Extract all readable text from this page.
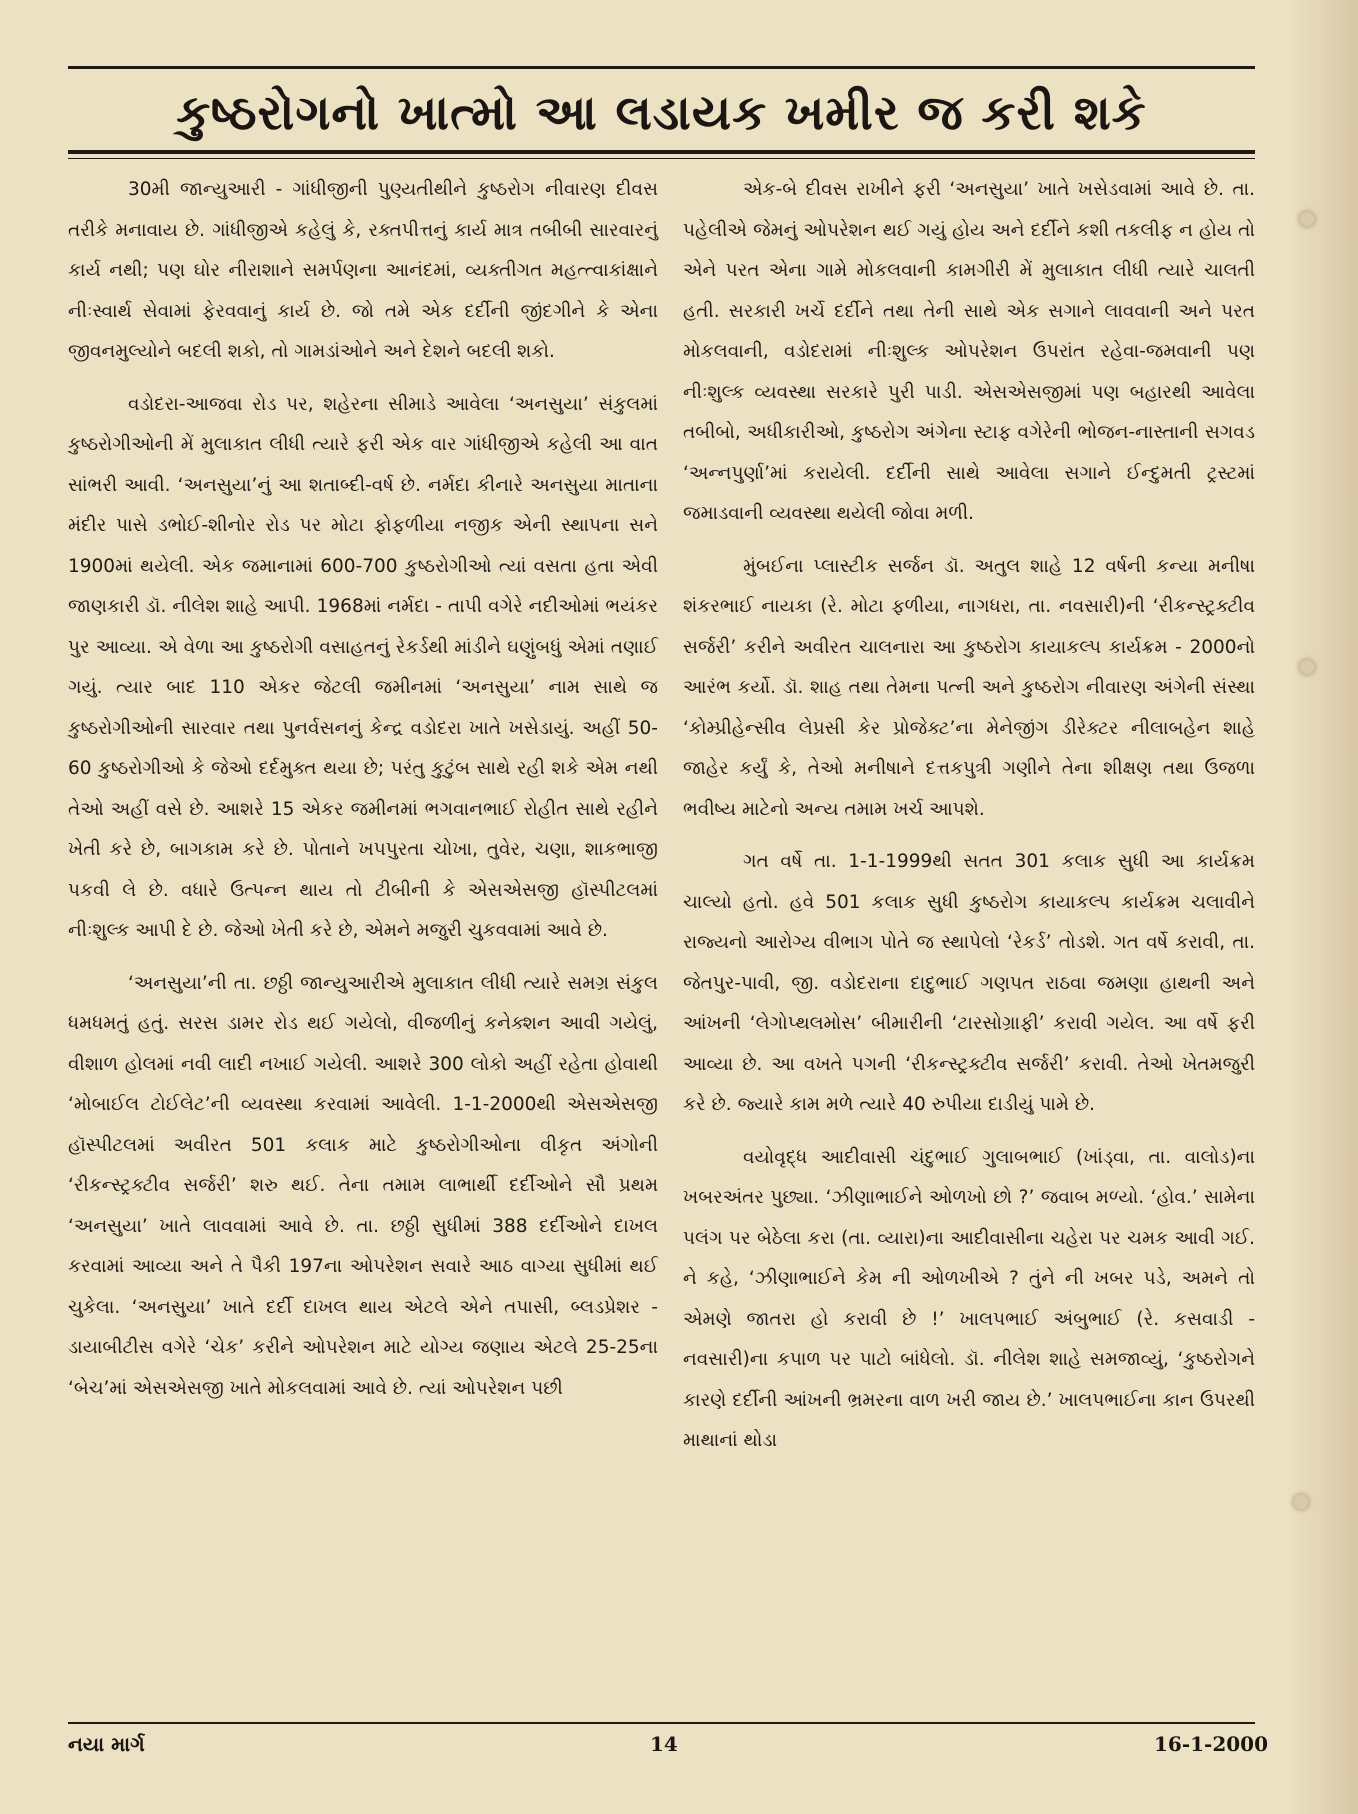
કુષ્ઠરોગનો ખાત્મો આ લડાયક ખમીર જ કરી શકે

30મી જાન્યુઆરી - ગાંધીજીની પુણ્યતીથીને કુષ્ઠરોગ નીવારણ દીવસ તરીકે મનાવાય છે. ગાંધીજીએ કહેલું કે, રક્તપીત્તનું કાર્ય માત્ર તબીબી સારવારનું કાર્ય નથી; પણ ઘોર નીરાશાને સમર્પણના આનંદમાં, વ્યક્તીગત મહત્ત્વાકાંક્ષાને નીઃસ્વાર્થ સેવામાં ફેરવવાનું કાર્ય છે. જો તમે એક દર્દીની જીંદગીને કે એના જીવનમુલ્યોને બદલી શકો, તો ગામડાંઓને અને દેશને બદલી શકો.

વડોદરા-આજવા રોડ પર, શહેરના સીમાડે આવેલા ‘અનસુયા’ સંકુલમાં કુષ્ઠરોગીઓની મેં મુલાકાત લીધી ત્યારે ફરી એક વાર ગાંધીજીએ કહેલી આ વાત સાંભરી આવી. ‘અનસુયા’નું આ શતાબ્દી-વર્ષ છે. નર્મદા કીનારે અનસુયા માતાના મંદીર પાસે ડભોઈ-શીનોર રોડ પર મોટા ફોફળીયા નજીક એની સ્થાપના સને 1900માં થયેલી. એક જમાનામાં 600-700 કુષ્ઠરોગીઓ ત્યાં વસતા હતા એવી જાણકારી ડૉ. નીલેશ શાહે આપી. 1968માં નર્મદા - તાપી વગેરે નદીઓમાં ભયંકર પુર આવ્યા. એ વેળા આ કુષ્ઠરોગી વસાહતનું રેકર્ડથી માંડીને ઘણુંબધું એમાં તણાઈ ગયું. ત્યાર બાદ 110 એકર જેટલી જમીનમાં ‘અનસુયા’ નામ સાથે જ કુષ્ઠરોગીઓની સારવાર તથા પુનર્વસનનું કેન્દ્ર વડોદરા ખાતે ખસેડાયું. અહીં 50-60 કુષ્ઠરોગીઓ કે જેઓ દર્દમુક્ત થયા છે; પરંતુ કુટુંબ સાથે રહી શકે એમ નથી તેઓ અહીં વસે છે. આશરે 15 એકર જમીનમાં ભગવાનભાઈ રોહીત સાથે રહીને ખેતી કરે છે, બાગકામ કરે છે. પોતાને ખપપુરતા ચોખા, તુવેર, ચણા, શાકભાજી પકવી લે છે. વધારે ઉત્પન્ન થાય તો ટીબીની કે એસએસજી હૉસ્પીટલમાં નીઃશુલ્ક આપી દે છે. જેઓ ખેતી કરે છે, એમને મજુરી ચુકવવામાં આવે છે.

‘અનસુયા’ની તા. છઠ્ઠી જાન્યુઆરીએ મુલાકાત લીધી ત્યારે સમગ્ર સંકુલ ધમધમતું હતું. સરસ ડામર રોડ થઈ ગયેલો, વીજળીનું કનેક્શન આવી ગયેલું, વીશાળ હોલમાં નવી લાદી નખાઈ ગયેલી. આશરે 300 લોકો અહીં રહેતા હોવાથી ‘મોબાઈલ ટોઈલેટ’ની વ્યવસ્થા કરવામાં આવેલી. 1-1-2000થી એસએસજી હૉસ્પીટલમાં અવીરત 501 કલાક માટે કુષ્ઠરોગીઓના વીકૃત અંગોની ‘રીકન્સ્ટ્રક્ટીવ સર્જરી’ શરુ થઈ. તેના તમામ લાભાર્થી દર્દીઓને સૌ પ્રથમ ‘અનસુયા’ ખાતે લાવવામાં આવે છે. તા. છઠ્ઠી સુધીમાં 388 દર્દીઓને દાખલ કરવામાં આવ્યા અને તે પૈકી 197ના ઓપરેશન સવારે આઠ વાગ્યા સુધીમાં થઈ ચુકેલા. ‘અનસુયા’ ખાતે દર્દી દાખલ થાય એટલે એને તપાસી, બ્લડપ્રેશર - ડાયાબીટીસ વગેરે ‘ચેક’ કરીને ઓપરેશન માટે યોગ્ય જણાય એટલે 25-25ના ‘બેચ’માં એસએસજી ખાતે મોકલવામાં આવે છે. ત્યાં ઓપરેશન પછી

એક-બે દીવસ રાખીને ફરી ‘અનસુયા’ ખાતે ખસેડવામાં આવે છે. તા. પહેલીએ જેમનું ઓપરેશન થઈ ગયું હોય અને દર્દીને કશી તકલીફ ન હોય તો એને પરત એના ગામે મોકલવાની કામગીરી મેં મુલાકાત લીધી ત્યારે ચાલતી હતી. સરકારી ખર્ચે દર્દીને તથા તેની સાથે એક સગાને લાવવાની અને પરત મોકલવાની, વડોદરામાં નીઃશુલ્ક ઓપરેશન ઉપરાંત રહેવા-જમવાની પણ નીઃશુલ્ક વ્યવસ્થા સરકારે પુરી પાડી. એસએસજીમાં પણ બહારથી આવેલા તબીબો, અધીકારીઓ, કુષ્ઠરોગ અંગેના સ્ટાફ વગેરેની ભોજન-નાસ્તાની સગવડ ‘અન્નપુર્ણા’માં કરાયેલી. દર્દીની સાથે આવેલા સગાને ઈન્દુમતી ટ્રસ્ટમાં જમાડવાની વ્યવસ્થા થયેલી જોવા મળી.

મુંબઈના પ્લાસ્ટીક સર્જન ડૉ. અતુલ શાહે 12 વર્ષની કન્યા મનીષા શંકરભાઈ નાયકા (રે. મોટા ફળીયા, નાગધરા, તા. નવસારી)ની ‘રીકન્સ્ટ્રક્ટીવ સર્જરી’ કરીને અવીરત ચાલનારા આ કુષ્ઠરોગ કાયાકલ્પ કાર્યક્રમ - 2000નો આરંભ કર્યો. ડૉ. શાહ તથા તેમના પત્ની અને કુષ્ઠરોગ નીવારણ અંગેની સંસ્થા ‘કોમ્પ્રીહેન્સીવ લેપ્રસી કેર પ્રોજેક્ટ’ના મેનેજીંગ ડીરેક્ટર નીલાબહેન શાહે જાહેર કર્યું કે, તેઓ મનીષાને દત્તકપુત્રી ગણીને તેના શીક્ષણ તથા ઉજળા ભવીષ્ય માટેનો અન્ય તમામ ખર્ચ આપશે.

ગત વર્ષે તા. 1-1-1999થી સતત 301 કલાક સુધી આ કાર્યક્રમ ચાલ્યો હતો. હવે 501 કલાક સુધી કુષ્ઠરોગ કાયાકલ્પ કાર્યક્રમ ચલાવીને રાજ્યનો આરોગ્ય વીભાગ પોતે જ સ્થાપેલો ‘રેકર્ડ’ તોડશે. ગત વર્ષે કરાવી, તા. જેતપુર-પાવી, જી. વડોદરાના દાદુભાઈ ગણપત રાઠવા જમણા હાથની અને આંખની ‘લેગોપ્થલમોસ’ બીમારીની ‘ટારસોગ્રાફી’ કરાવી ગયેલ. આ વર્ષે ફરી આવ્યા છે. આ વખતે પગની ‘રીકન્સ્ટ્રક્ટીવ સર્જરી’ કરાવી. તેઓ ખેતમજુરી કરે છે. જ્યારે કામ મળે ત્યારે 40 રુપીયા દાડીયું પામે છે.

વયોવૃદ્ધ આદીવાસી ચંદુભાઈ ગુલાબભાઈ (ખાંડ્વા, તા. વાલોડ)ના ખબરઅંતર પુછ્યા. ‘ઝીણાભાઈને ઓળખો છો ?’ જવાબ મળ્યો. ‘હોવ.’ સામેના પલંગ પર બેઠેલા કરા (તા. વ્યારા)ના આદીવાસીના ચહેરા પર ચમક આવી ગઈ. ને કહે, ‘ઝીણાભાઈને કેમ ની ઓળખીએ ? તુંને ની ખબર પડે, અમને તો એમણે જાતરા હો કરાવી છે !’ ખાલપભાઈ અંબુભાઈ (રે. કસવાડી - નવસારી)ના કપાળ પર પાટો બાંધેલો. ડૉ. નીલેશ શાહે સમજાવ્યું, ‘કુષ્ઠરોગને કારણે દર્દીની આંખની ભ્રમરના વાળ ખરી જાય છે.’ ખાલપભાઈના કાન ઉપરથી માથાનાં થોડા

નયા માર્ગ	14	16-1-2000
